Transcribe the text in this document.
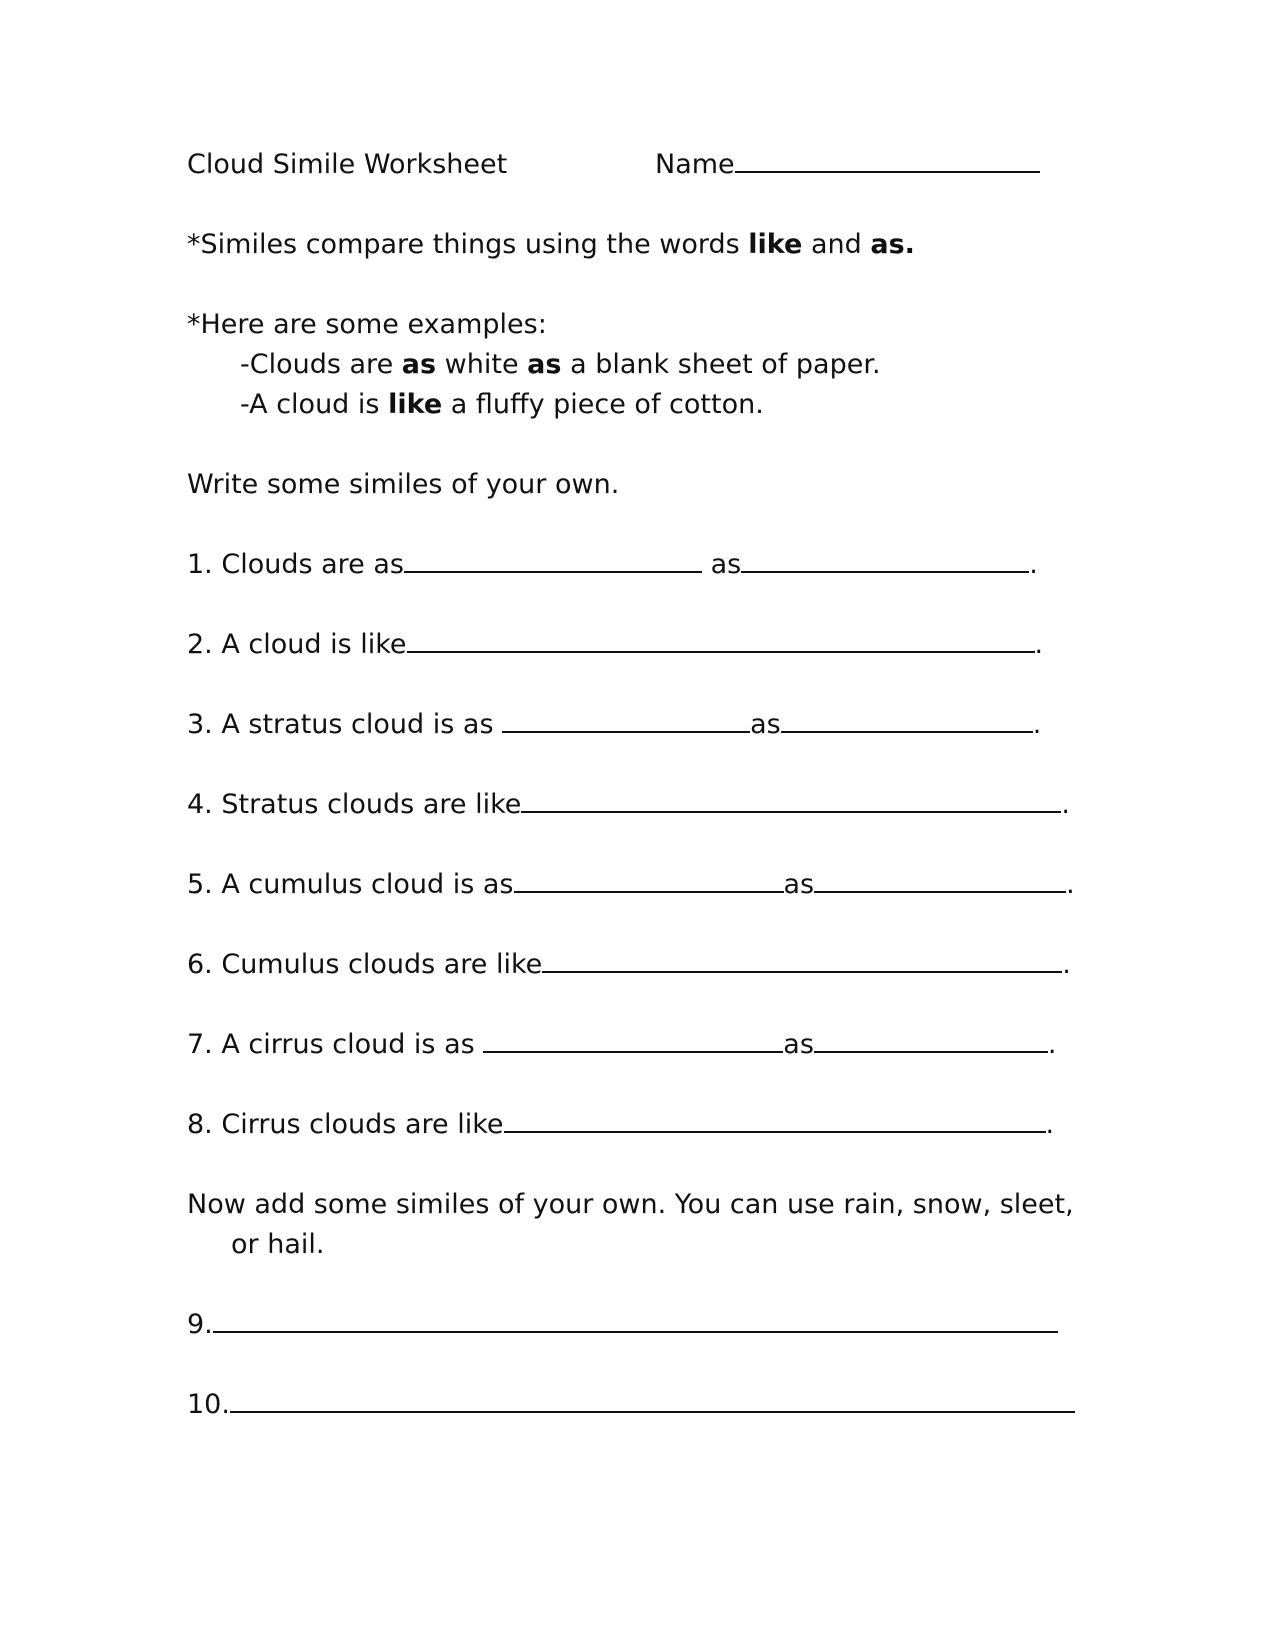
Cloud Simile Worksheet	Name
*Similes compare things using the words like and as.
*Here are some examples:
-Clouds are as white as a blank sheet of paper.
-A cloud is like a fluffy piece of cotton.
Write some similes of your own.
1. Clouds are as	as	.
2. A cloud is like	.
3. A stratus cloud is as	as	.
4. Stratus clouds are like	.
5. A cumulus cloud is as	as	.
6. Cumulus clouds are like	.
7. A cirrus cloud is as	as	.
8. Cirrus clouds are like	.
Now add some similes of your own. You can use rain, snow, sleet,
or hail.
9.
10.
